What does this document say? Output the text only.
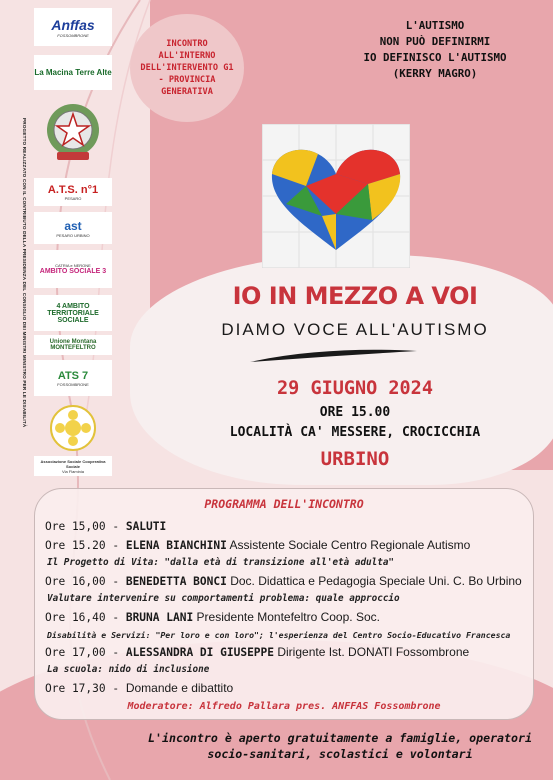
PROGETTO REALIZZATO CON IL CONTRIBUTO DELLA PRESIDENZA DEL CONSIGLIO DEI MINISTRI MINISTRO PER LE DISABILITÀ
Anffas
FOSSOMBRONE
La Macina Terre Alte
A.T.S. n°1
PESARO
ast
PESARO URBINO
CATRIA e NERONE
AMBITO SOCIALE 3
4 AMBITO TERRITORIALE SOCIALE
Unione Montana MONTEFELTRO
ATS 7
FOSSOMBRONE
Associazione Sociale Cooperativa Sociale
Via Flaminia
INCONTRO ALL'INTERNO DELL'INTERVENTO G1 - PROVINCIA GENERATIVA
L'AUTISMO
NON PUÒ DEFINIRMI
IO DEFINISCO L'AUTISMO
(KERRY MAGRO)
IO IN MEZZO A VOI
DIAMO VOCE ALL'AUTISMO
29 GIUGNO 2024
ORE 15.00
LOCALITÀ CA' MESSERE, CROCICCHIA
URBINO
PROGRAMMA DELL'INCONTRO
Ore 15,00 - SALUTI
Ore 15.20 - ELENA BIANCHINI Assistente Sociale Centro Regionale Autismo
Il Progetto di Vita: "dalla età di transizione all'età adulta"
Ore 16,00 - BENEDETTA BONCI Doc. Didattica e Pedagogia Speciale Uni. C. Bo Urbino
Valutare intervenire su comportamenti problema: quale approccio
Ore 16,40 - BRUNA LANI Presidente Montefeltro Coop. Soc.
Disabilità e Servizi: "Per loro e con loro"; l'esperienza del Centro Socio-Educativo Francesca
Ore 17,00 - ALESSANDRA DI GIUSEPPE Dirigente Ist. DONATI Fossombrone
La scuola: nido di inclusione
Ore 17,30 - Domande e dibattito
Moderatore: Alfredo Pallara pres. ANFFAS Fossombrone
L'incontro è aperto gratuitamente a famiglie, operatori socio-sanitari, scolastici e volontari
